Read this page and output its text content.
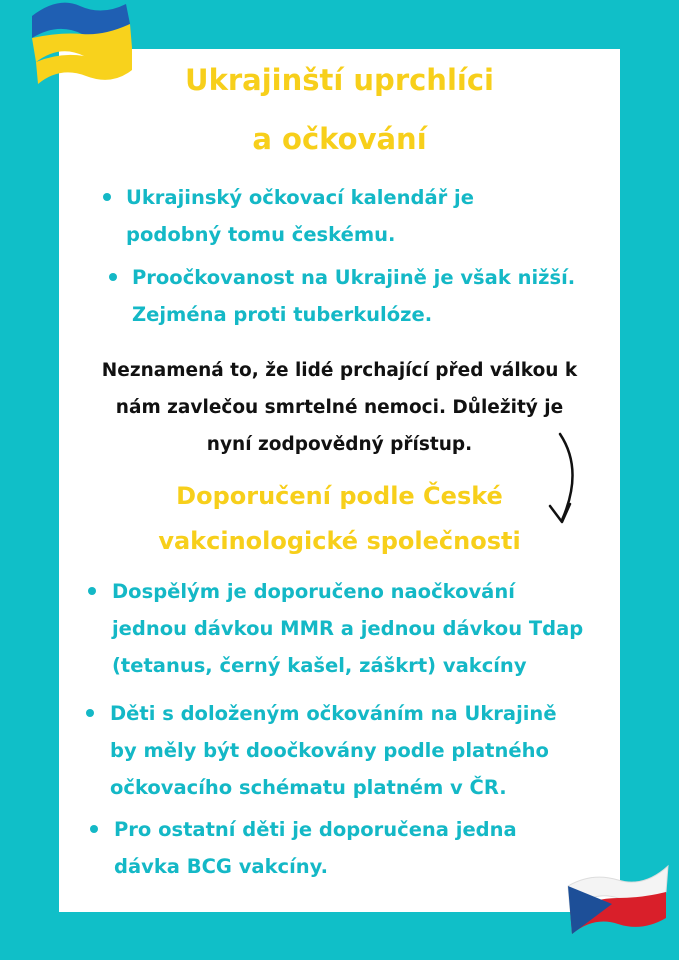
Ukrajinští uprchlíci
a očkování
Ukrajinský očkovací kalendář je
podobný tomu českému.
Proočkovanost na Ukrajině je však nižší.
Zejména proti tuberkulóze.
Neznamená to, že lidé prchající před válkou k
nám zavlečou smrtelné nemoci. Důležitý je
nyní zodpovědný přístup.
Doporučení podle České
vakcinologické společnosti
Dospělým je doporučeno naočkování
jednou dávkou MMR a jednou dávkou Tdap
(tetanus, černý kašel, záškrt) vakcíny
Děti s doloženým očkováním na Ukrajině
by měly být doočkovány podle platného
očkovacího schématu platném v ČR.
Pro ostatní děti je doporučena jedna
dávka BCG vakcíny.
